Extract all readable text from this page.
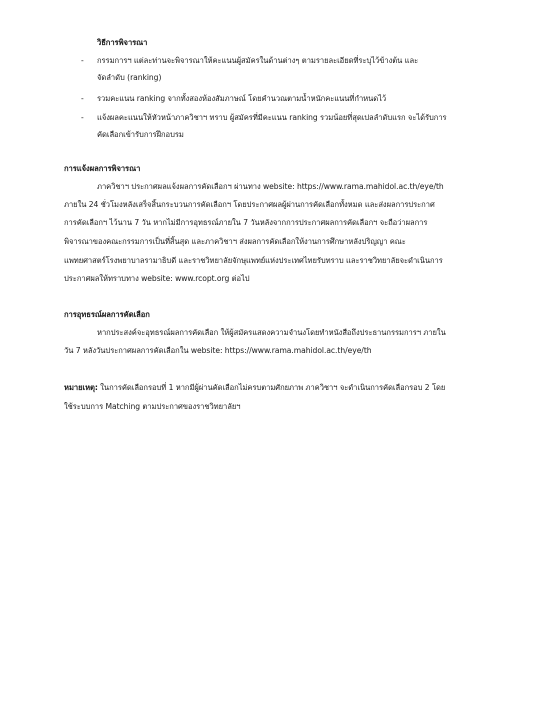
วิธีการพิจารณา
- กรรมการฯ แต่ละท่านจะพิจารณาให้คะแนนผู้สมัครในด้านต่างๆ ตามรายละเอียดที่ระบุไว้ข้างต้น และ
จัดลำดับ (ranking)
- รวมคะแนน ranking จากทั้งสองห้องสัมภาษณ์ โดยคำนวณตามน้ำหนักคะแนนที่กำหนดไว้
- แจ้งผลคะแนนให้หัวหน้าภาควิชาฯ ทราบ ผู้สมัครที่มีคะแนน ranking รวมน้อยที่สุดเปลลำดับแรก จะได้รับการ
คัดเลือกเข้ารับการฝึกอบรม
การแจ้งผลการพิจารณา
ภาควิชาฯ ประกาศผลแจ้งผลการคัดเลือกฯ ผ่านทาง website: https://www.rama.mahidol.ac.th/eye/th
ภายใน 24 ชั่วโมงหลังเสร็จสิ้นกระบวนการคัดเลือกฯ โดยประกาศผลผู้ผ่านการคัดเลือกทั้งหมด และส่งผลการประกาศ
การคัดเลือกฯ ไว้นาน 7 วัน หากไม่มีการอุทธรณ์ภายใน 7 วันหลังจากการประกาศผลการคัดเลือกฯ จะถือว่าผลการ
พิจารณาของคณะกรรมการเป็นที่สิ้นสุด และภาควิชาฯ ส่งผลการคัดเลือกให้งานการศึกษาหลังปริญญา คณะ
แพทยศาสตร์โรงพยาบาลรามาธิบดี และราชวิทยาลัยจักษุแพทย์แห่งประเทศไทยรับทราบ และราชวิทยาลัยจะดำเนินการ
ประกาศผลให้ทราบทาง website: www.rcopt.org ต่อไป
การอุทธรณ์ผลการคัดเลือก
หากประสงค์จะอุทธรณ์ผลการคัดเลือก ให้ผู้สมัครแสดงความจำนงโดยทำหนังสือถึงประธานกรรมการฯ ภายใน
วัน 7 หลังวันประกาศผลการคัดเลือกใน website: https://www.rama.mahidol.ac.th/eye/th
หมายเหตุ: ในการคัดเลือกรอบที่ 1 หากมีผู้ผ่านคัดเลือกไม่ครบตามศักยภาพ ภาควิชาฯ จะดำเนินการคัดเลือกรอบ 2 โดย
ใช้ระบบการ Matching ตามประกาศของราชวิทยาลัยฯ
